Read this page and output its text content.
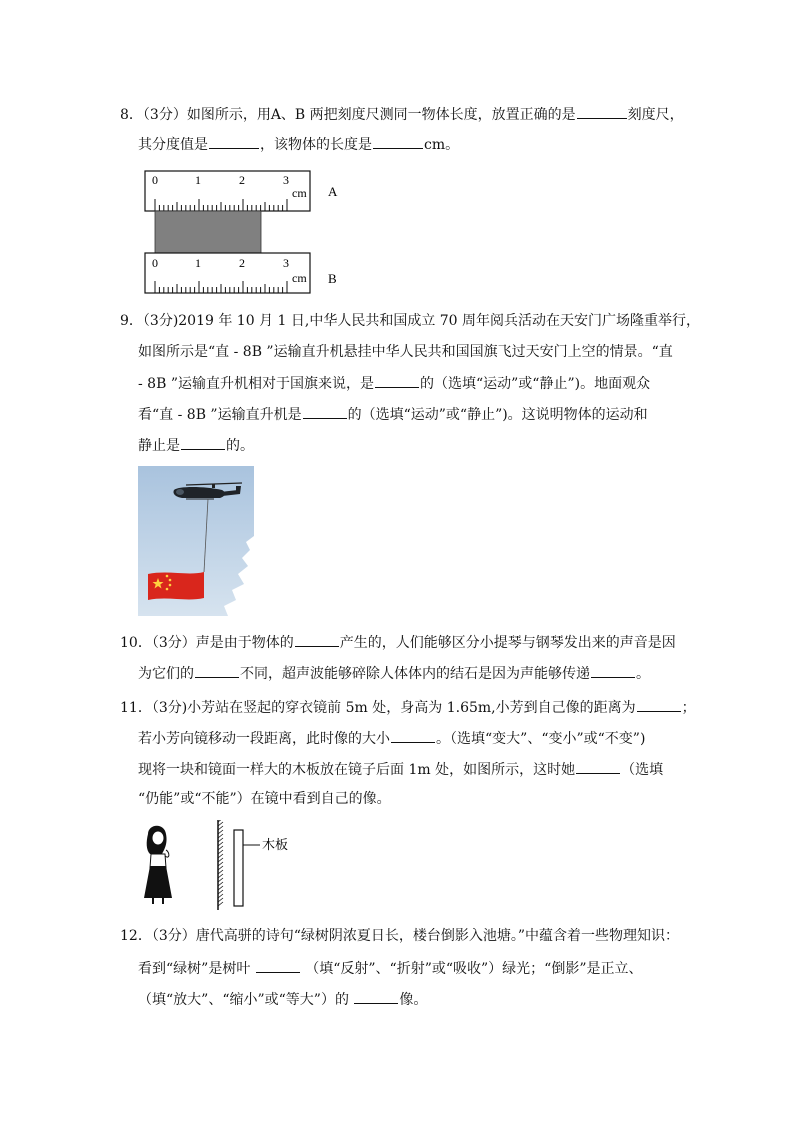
8．（3分）如图所示，用A、B 两把刻度尺测同一物体长度，放置正确的是	刻度尺，
其分度值是	，该物体的长度是	cm。
0	1	2	3
cm A
0	1	2	3
cm B
9．（3分)2019 年 10 月 1 日,中华人民共和国成立 70 周年阅兵活动在天安门广场隆重举行，
如图所示是“直 - 8B ”运输直升机悬挂中华人民共和国国旗飞过天安门上空的情景。“直
- 8B ”运输直升机相对于国旗来说，是	的（选填“运动”或“静止”)。地面观众
看“直 - 8B ”运输直升机是	的（选填“运动”或“静止”)。这说明物体的运动和
静止是	的。
10．（3分）声是由于物体的	产生的，人们能够区分小提琴与钢琴发出来的声音是因
为它们的	不同，超声波能够碎除人体体内的结石是因为声能够传递	。
11．（3分)小芳站在竖起的穿衣镜前 5m 处，身高为 1.65m,小芳到自己像的距离为	；
若小芳向镜移动一段距离，此时像的大小	。（选填“变大”、“变小”或“不变”)
现将一块和镜面一样大的木板放在镜子后面 1m 处，如图所示，这时她	（选填
“仍能”或“不能”）在镜中看到自己的像。
木板
12．（3分）唐代高骈的诗句“绿树阴浓夏日长，楼台倒影入池塘。”中蕴含着一些物理知识：
看到“绿树”是树叶	（填“反射”、“折射”或“吸收”）绿光；“倒影”是正立、
（填“放大”、“缩小”或“等大”）的	像。
